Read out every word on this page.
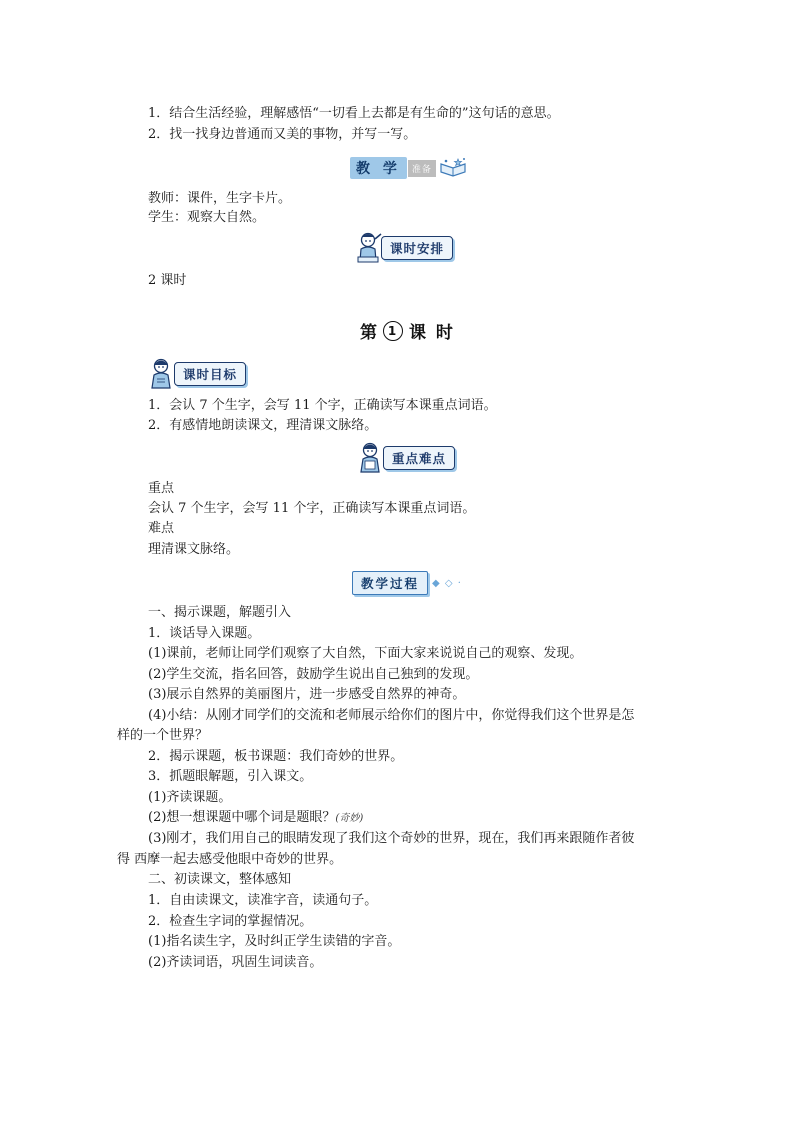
1．结合生活经验，理解感悟“一切看上去都是有生命的”这句话的意思。
2．找一找身边普通而又美的事物，并写一写。
教 学	准备
教师：课件，生字卡片。
学生：观察大自然。
课时安排
2 课时
第 1 课 时
课时目标
1．会认 7 个生字，会写 11 个字，正确读写本课重点词语。
2．有感情地朗读课文，理清课文脉络。
重点难点
重点
会认 7 个生字，会写 11 个字，正确读写本课重点词语。
难点
理清课文脉络。
教学过程	◆ ◇ ·
一、揭示课题，解题引入
1．谈话导入课题。
(1)课前，老师让同学们观察了大自然，下面大家来说说自己的观察、发现。
(2)学生交流，指名回答，鼓励学生说出自己独到的发现。
(3)展示自然界的美丽图片，进一步感受自然界的神奇。
(4)小结：从刚才同学们的交流和老师展示给你们的图片中，你觉得我们这个世界是怎
样的一个世界？
2．揭示课题，板书课题：我们奇妙的世界。
3．抓题眼解题，引入课文。
(1)齐读课题。
(2)想一想课题中哪个词是题眼？(奇妙)
(3)刚才，我们用自己的眼睛发现了我们这个奇妙的世界，现在，我们再来跟随作者彼
得 西摩一起去感受他眼中奇妙的世界。
二、初读课文，整体感知
1．自由读课文，读准字音，读通句子。
2．检查生字词的掌握情况。
(1)指名读生字，及时纠正学生读错的字音。
(2)齐读词语，巩固生词读音。
